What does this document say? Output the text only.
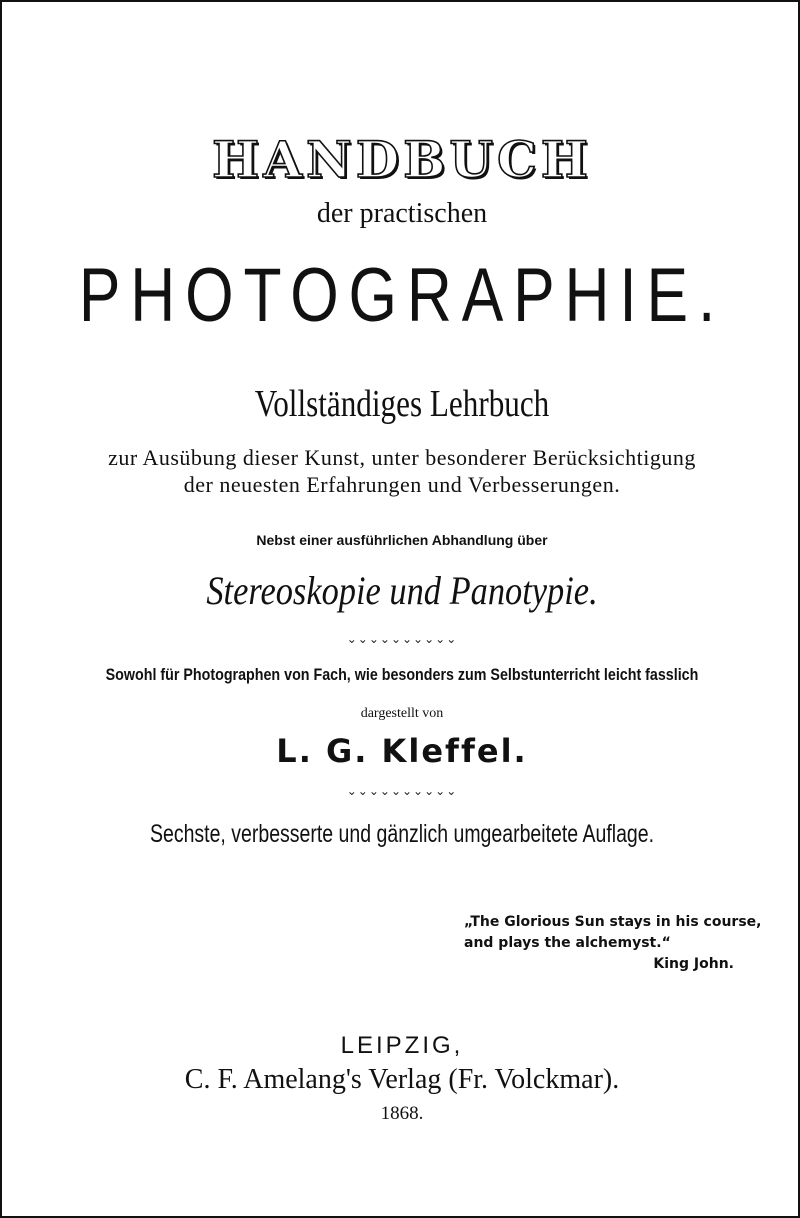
HANDBUCH
der practischen
PHOTOGRAPHIE.
Vollständiges Lehrbuch
zur Ausübung dieser Kunst, unter besonderer Berücksichtigung
der neuesten Erfahrungen und Verbesserungen.
Nebst einer ausführlichen Abhandlung über
Stereoskopie und Panotypie.
⌄⌄⌄⌄⌄⌄⌄⌄⌄⌄
Sowohl für Photographen von Fach, wie besonders zum Selbstunterricht leicht fasslich
dargestellt von
L. G. Kleffel.
⌄⌄⌄⌄⌄⌄⌄⌄⌄⌄
Sechste, verbesserte und gänzlich umgearbeitete Auflage.
„The Glorious Sun stays in his course,
and plays the alchemyst.“
King John.
LEIPZIG,
C. F. Amelang's Verlag (Fr. Volckmar).
1868.
